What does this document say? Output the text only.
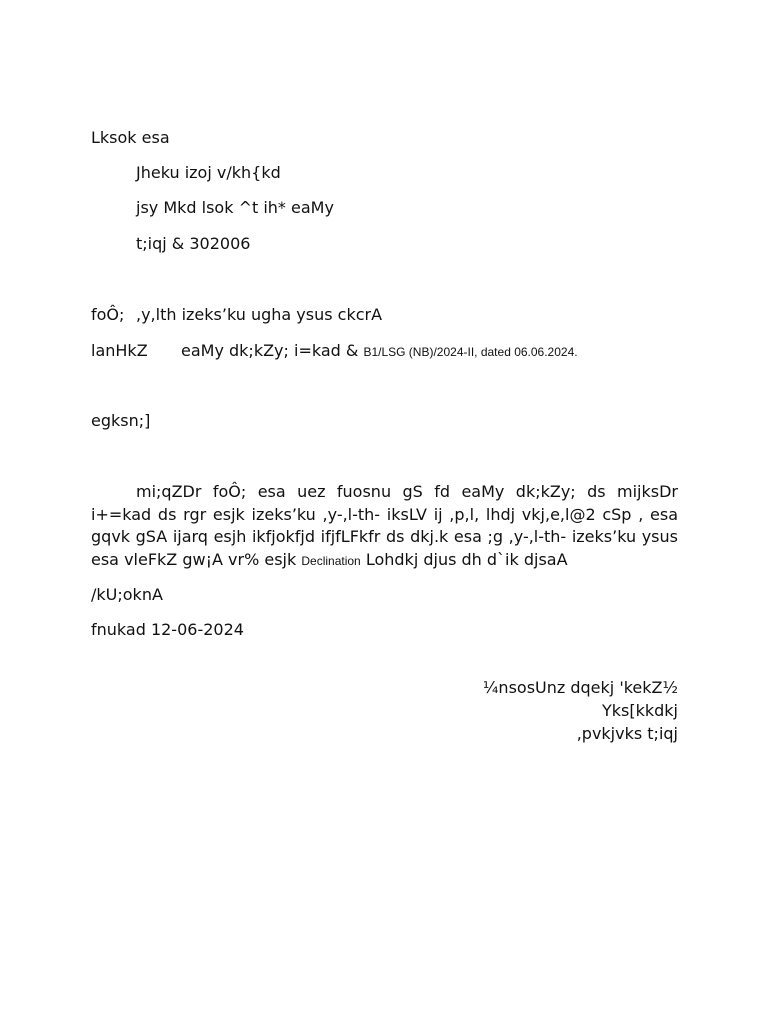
Lksok esa
Jheku izoj v/kh{kd
jsy Mkd lsok ^t ih* eaMy
t;iqj & 302006
foÔ; ,y,lth izeks’ku ugha ysus ckcrA
lanHkZ eaMy dk;kZy; i=kad & B1/LSG (NB)/2024-II, dated 06.06.2024.
egksn;]
mi;qZDr foÔ; esa uez fuosnu gS fd eaMy dk;kZy; ds mijksDr i+=kad ds rgr esjk izeks’ku ,y-,l-th- iksLV ij ,p,l, lhdj vkj,e,l@2 cSp , esa gqvk gSA ijarq esjh ikfjokfjd ifjfLFkfr ds dkj.k esa ;g ,y-,l-th- izeks’ku ysus esa vleFkZ gw¡A vr% esjk Declination Lohdkj djus dh d`ik djsaA
/kU;oknA
fnukad 12-06-2024
¼nsosUnz dqekj 'kekZ½
Yks[kkdkj
,pvkjvks t;iqj
